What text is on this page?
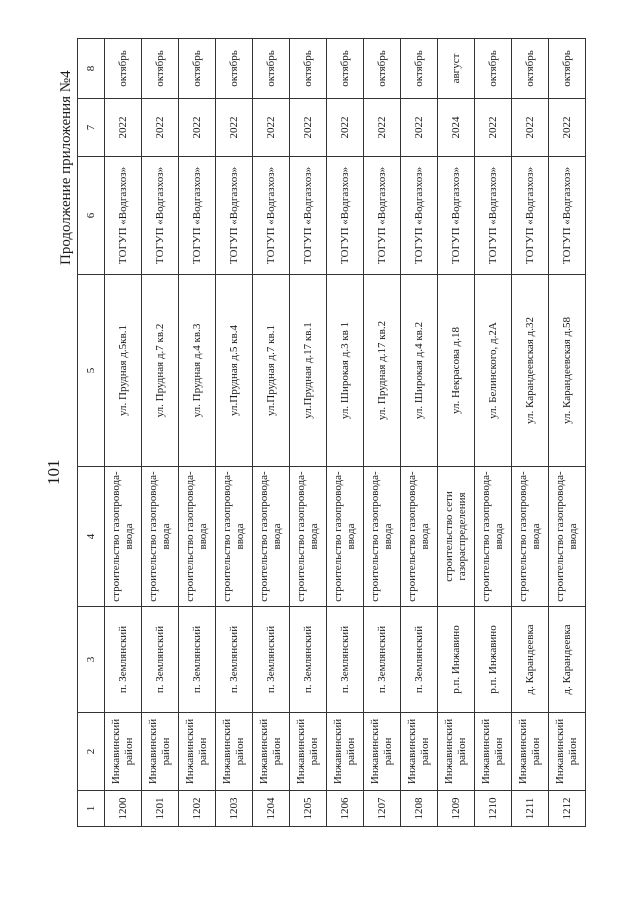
101
Продолжение приложения №4
1	2	3	4	5	6	7	8
1200	Инжавинский район	п. Землянский	строительство газопровода-ввода	ул. Прудная д.5кв.1	ТОГУП «Водгазхоз»	2022	октябрь
1201	Инжавинский район	п. Землянский	строительство газопровода-ввода	ул. Прудная д.7 кв.2	ТОГУП «Водгазхоз»	2022	октябрь
1202	Инжавинский район	п. Землянский	строительство газопровода-ввода	ул. Прудная д.4 кв.3	ТОГУП «Водгазхоз»	2022	октябрь
1203	Инжавинский район	п. Землянский	строительство газопровода-ввода	ул.Прудная д.5 кв.4	ТОГУП «Водгазхоз»	2022	октябрь
1204	Инжавинский район	п. Землянский	строительство газопровода-ввода	ул.Прудная д.7 кв.1	ТОГУП «Водгазхоз»	2022	октябрь
1205	Инжавинский район	п. Землянский	строительство газопровода-ввода	ул.Прудная д.17 кв.1	ТОГУП «Водгазхоз»	2022	октябрь
1206	Инжавинский район	п. Землянский	строительство газопровода-ввода	ул. Широкая д.3 кв 1	ТОГУП «Водгазхоз»	2022	октябрь
1207	Инжавинский район	п. Землянский	строительство газопровода-ввода	ул. Прудная д.17 кв.2	ТОГУП «Водгазхоз»	2022	октябрь
1208	Инжавинский район	п. Землянский	строительство газопровода-ввода	ул. Широкая д.4 кв.2	ТОГУП «Водгазхоз»	2022	октябрь
1209	Инжавинский район	р.п. Инжавино	строительство сети газораспределения	ул. Некрасова д.18	ТОГУП «Водгазхоз»	2024	август
1210	Инжавинский район	р.п. Инжавино	строительство газопровода-ввода	ул. Белинского, д.2А	ТОГУП «Водгазхоз»	2022	октябрь
1211	Инжавинский район	д. Карандеевка	строительство газопровода-ввода	ул. Карандеевская д.32	ТОГУП «Водгазхоз»	2022	октябрь
1212	Инжавинский район	д. Карандеевка	строительство газопровода-ввода	ул. Карандеевская д.58	ТОГУП «Водгазхоз»	2022	октябрь
